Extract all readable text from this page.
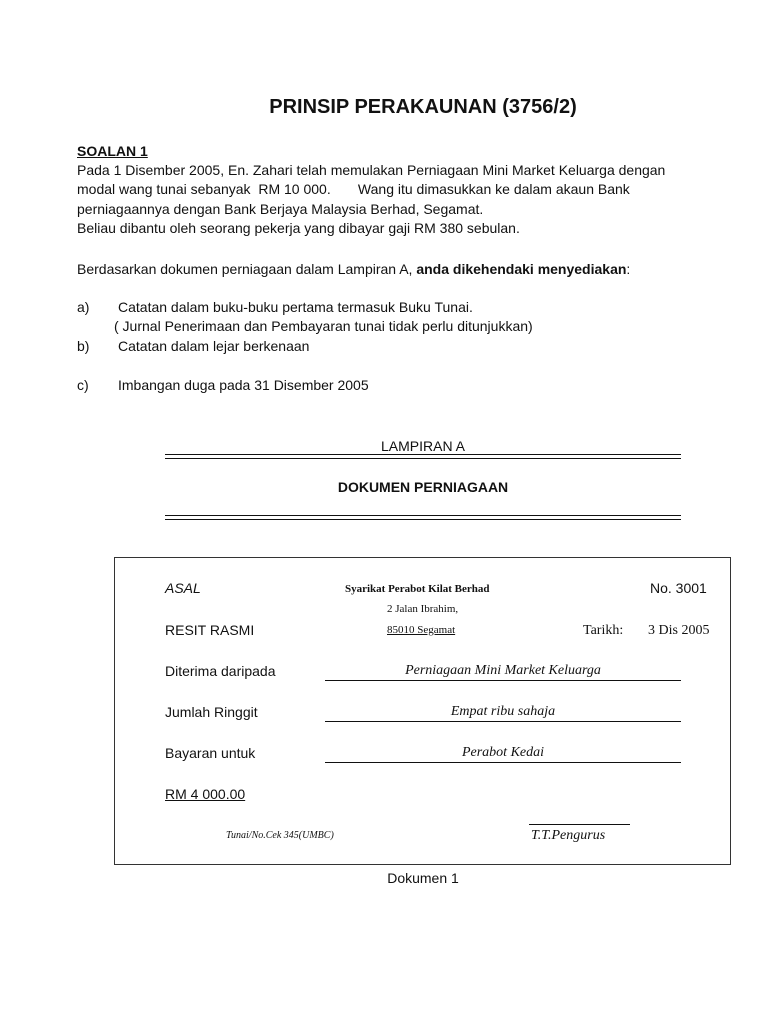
PRINSIP PERAKAUNAN (3756/2)
SOALAN 1
Pada 1 Disember 2005, En. Zahari telah memulakan Perniagaan Mini Market Keluarga dengan
modal wang tunai sebanyak  RM 10 000.       Wang itu dimasukkan ke dalam akaun Bank
perniagaannya dengan Bank Berjaya Malaysia Berhad, Segamat.
Beliau dibantu oleh seorang pekerja yang dibayar gaji RM 380 sebulan.
Berdasarkan dokumen perniagaan dalam Lampiran A, anda dikehendaki menyediakan:
a) Catatan dalam buku-buku pertama termasuk Buku Tunai.
( Jurnal Penerimaan dan Pembayaran tunai tidak perlu ditunjukkan)
b) Catatan dalam lejar berkenaan
c) Imbangan duga pada 31 Disember 2005
LAMPIRAN A
DOKUMEN PERNIAGAAN
ASAL	Syarikat Perabot Kilat Berhad	No. 3001
2 Jalan Ibrahim,
RESIT RASMI	85010 Segamat	Tarikh: 3 Dis 2005
Diterima daripada	Perniagaan Mini Market Keluarga
Jumlah Ringgit	Empat ribu sahaja
Bayaran untuk	Perabot Kedai
RM 4 000.00
Tunai/No.Cek 345(UMBC)	T.T.Pengurus
Dokumen 1
